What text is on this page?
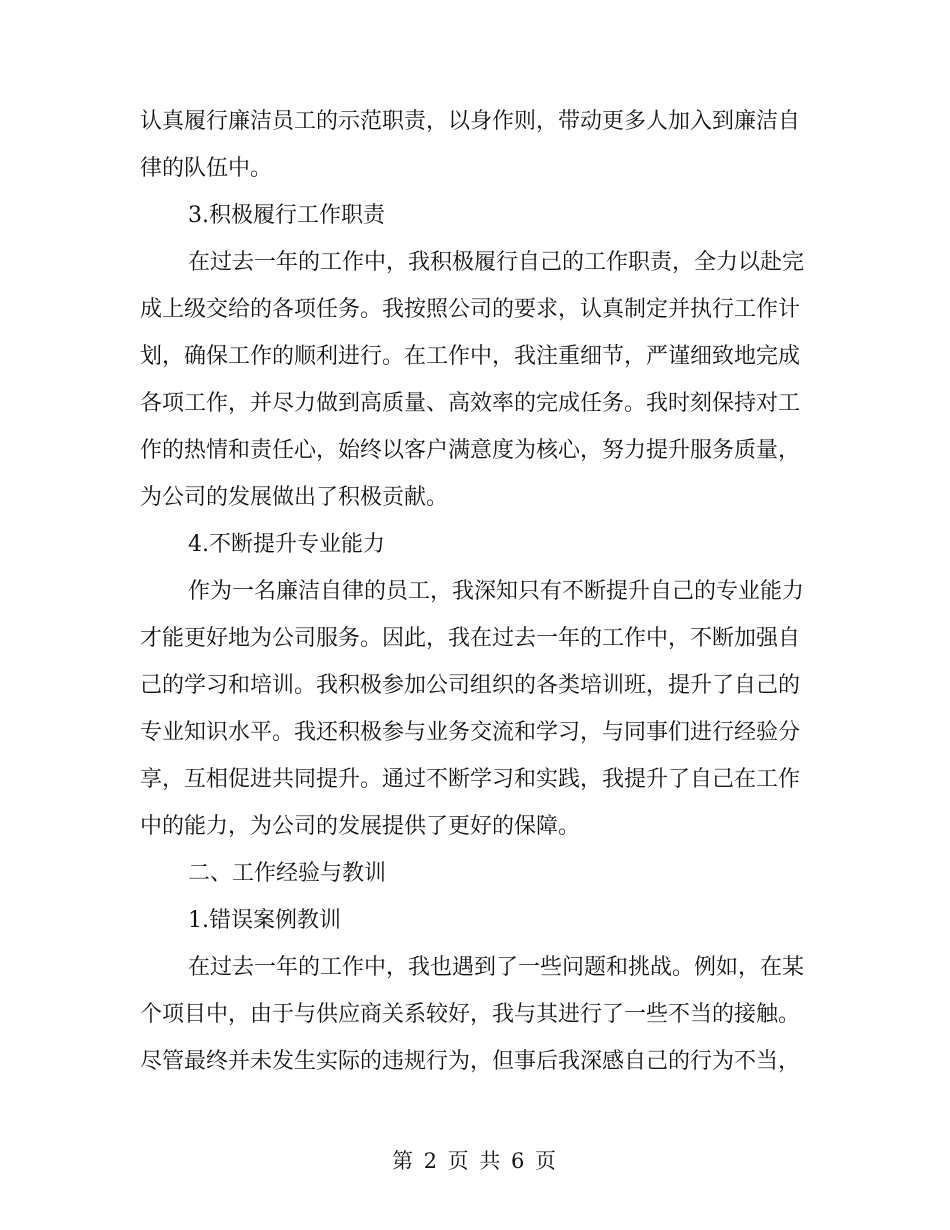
认真履行廉洁员工的示范职责，以身作则，带动更多人加入到廉洁自
律的队伍中。
3.积极履行工作职责
在过去一年的工作中，我积极履行自己的工作职责，全力以赴完
成上级交给的各项任务。我按照公司的要求，认真制定并执行工作计
划，确保工作的顺利进行。在工作中，我注重细节，严谨细致地完成
各项工作，并尽力做到高质量、高效率的完成任务。我时刻保持对工
作的热情和责任心，始终以客户满意度为核心，努力提升服务质量，
为公司的发展做出了积极贡献。
4.不断提升专业能力
作为一名廉洁自律的员工，我深知只有不断提升自己的专业能力
才能更好地为公司服务。因此，我在过去一年的工作中，不断加强自
己的学习和培训。我积极参加公司组织的各类培训班，提升了自己的
专业知识水平。我还积极参与业务交流和学习，与同事们进行经验分
享，互相促进共同提升。通过不断学习和实践，我提升了自己在工作
中的能力，为公司的发展提供了更好的保障。
二、工作经验与教训
1.错误案例教训
在过去一年的工作中，我也遇到了一些问题和挑战。例如，在某
个项目中，由于与供应商关系较好，我与其进行了一些不当的接触。
尽管最终并未发生实际的违规行为，但事后我深感自己的行为不当，
第 2 页 共 6 页
